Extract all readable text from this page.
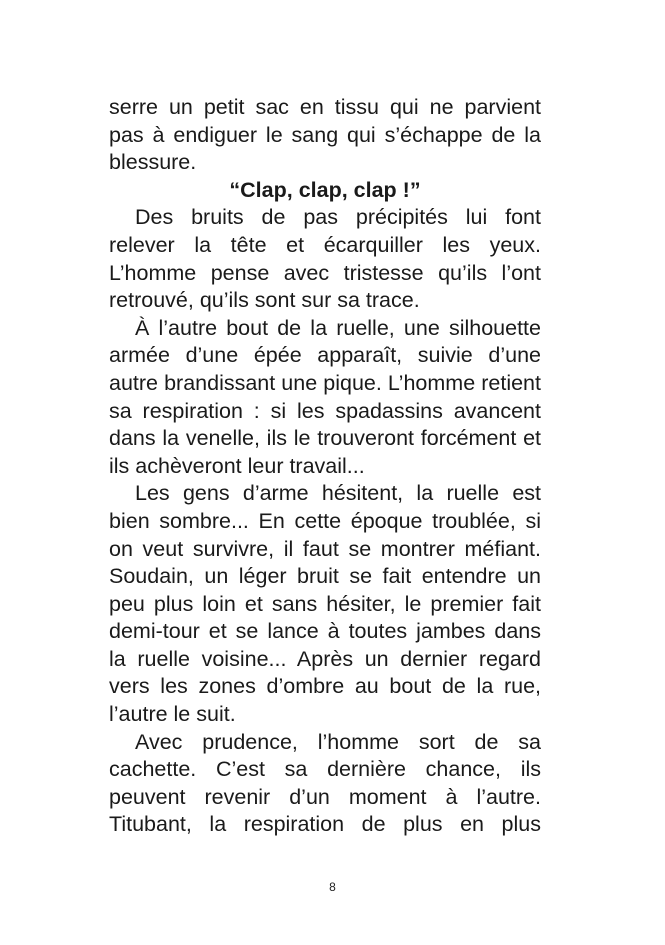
serre un petit sac en tissu qui ne parvient pas à endiguer le sang qui s’échappe de la blessure.

“Clap, clap, clap !”

Des bruits de pas précipités lui font relever la tête et écarquiller les yeux. L’homme pense avec tristesse qu’ils l’ont retrouvé, qu’ils sont sur sa trace.

À l’autre bout de la ruelle, une silhouette armée d’une épée apparaît, suivie d’une autre brandissant une pique. L’homme retient sa respiration : si les spadassins avancent dans la venelle, ils le trouveront forcément et ils achèveront leur travail...

Les gens d’arme hésitent, la ruelle est bien sombre... En cette époque troublée, si on veut survivre, il faut se montrer méfiant. Soudain, un léger bruit se fait entendre un peu plus loin et sans hésiter, le premier fait demi-tour et se lance à toutes jambes dans la ruelle voisine... Après un dernier regard vers les zones d’ombre au bout de la rue, l’autre le suit.

Avec prudence, l’homme sort de sa cachette. C’est sa dernière chance, ils peuvent revenir d’un moment à l’autre. Titubant, la respiration de plus en plus

8
